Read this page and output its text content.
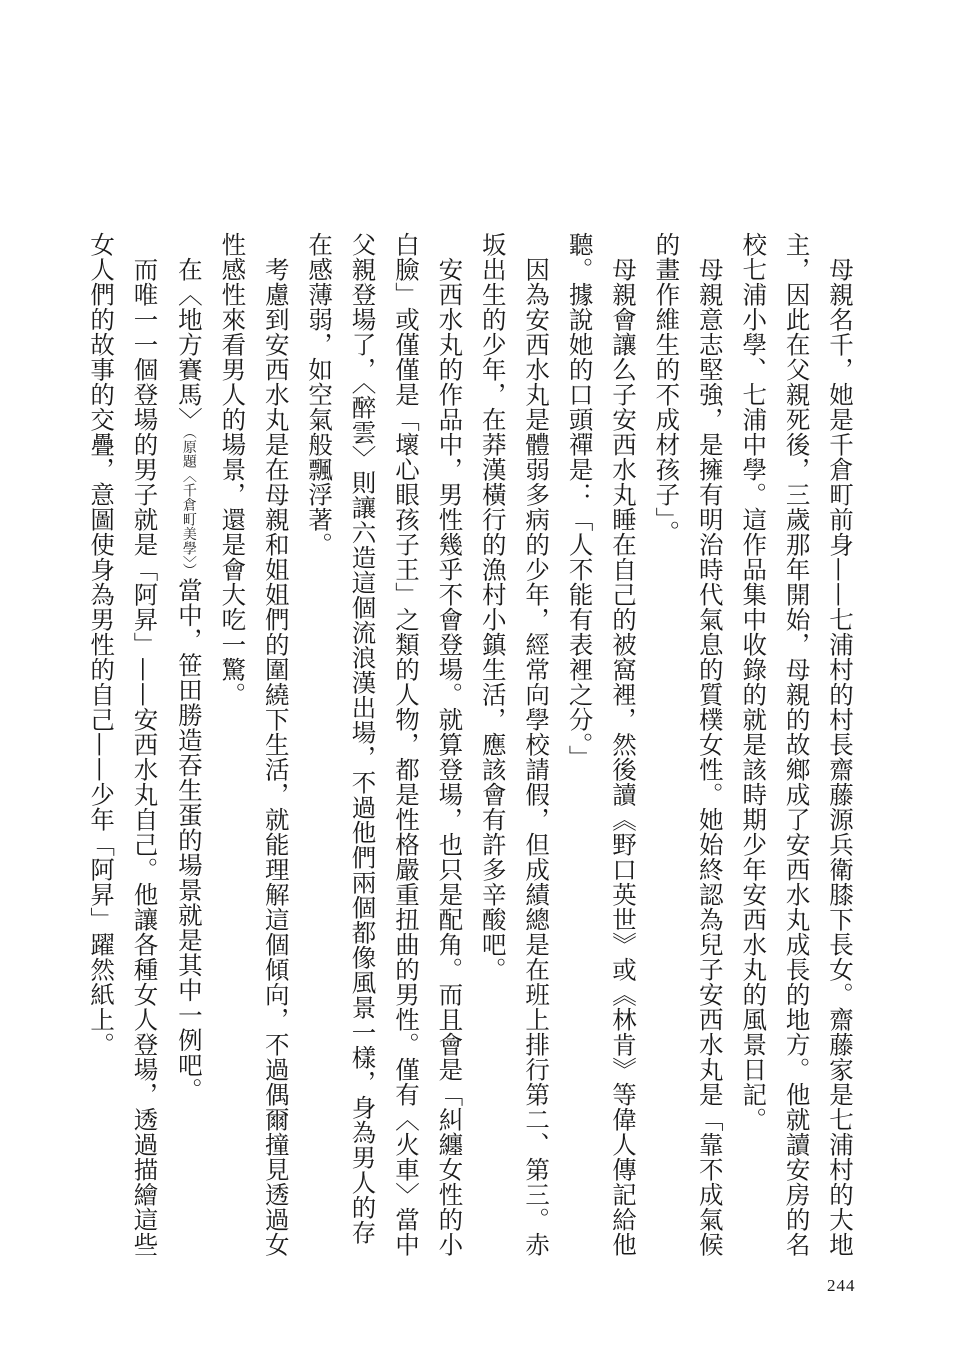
母親名千，她是千倉町前身——七浦村的村長齋藤源兵衛膝下長女。齋藤家是七浦村的大地主，因此在父親死後，三歲那年開始，母親的故鄉成了安西水丸成長的地方。他就讀安房的名校七浦小學、七浦中學。這作品集中收錄的就是該時期少年安西水丸的風景日記。

母親意志堅強，是擁有明治時代氣息的質樸女性。她始終認為兒子安西水丸是「靠不成氣候的畫作維生的不成材孩子」。

母親會讓么子安西水丸睡在自己的被窩裡，然後讀《野口英世》或《林肯》等偉人傳記給他聽。據說她的口頭禪是：「人不能有表裡之分。」

因為安西水丸是體弱多病的少年，經常向學校請假，但成績總是在班上排行第二、第三。赤坂出生的少年，在莽漢橫行的漁村小鎮生活，應該會有許多辛酸吧。

安西水丸的作品中，男性幾乎不會登場。就算登場，也只是配角。而且會是「糾纏女性的小白臉」或僅僅是「壞心眼孩子王」之類的人物，都是性格嚴重扭曲的男性。僅有〈火車〉當中父親登場了，〈醉雲〉則讓六造這個流浪漢出場，不過他們兩個都像風景一樣，身為男人的存在感薄弱，如空氣般飄浮著。

考慮到安西水丸是在母親和姐姐們的圍繞下生活，就能理解這個傾向，不過偶爾撞見透過女性感性來看男人的場景，還是會大吃一驚。

在〈地方賽馬〉（原題〈千倉町美學〉）當中，笹田勝造吞生蛋的場景就是其中一例吧。

而唯一一個登場的男子就是「阿昇」——安西水丸自己。他讓各種女人登場，透過描繪這些女人們的故事的交疊，意圖使身為男性的自己——少年「阿昇」躍然紙上。

244
